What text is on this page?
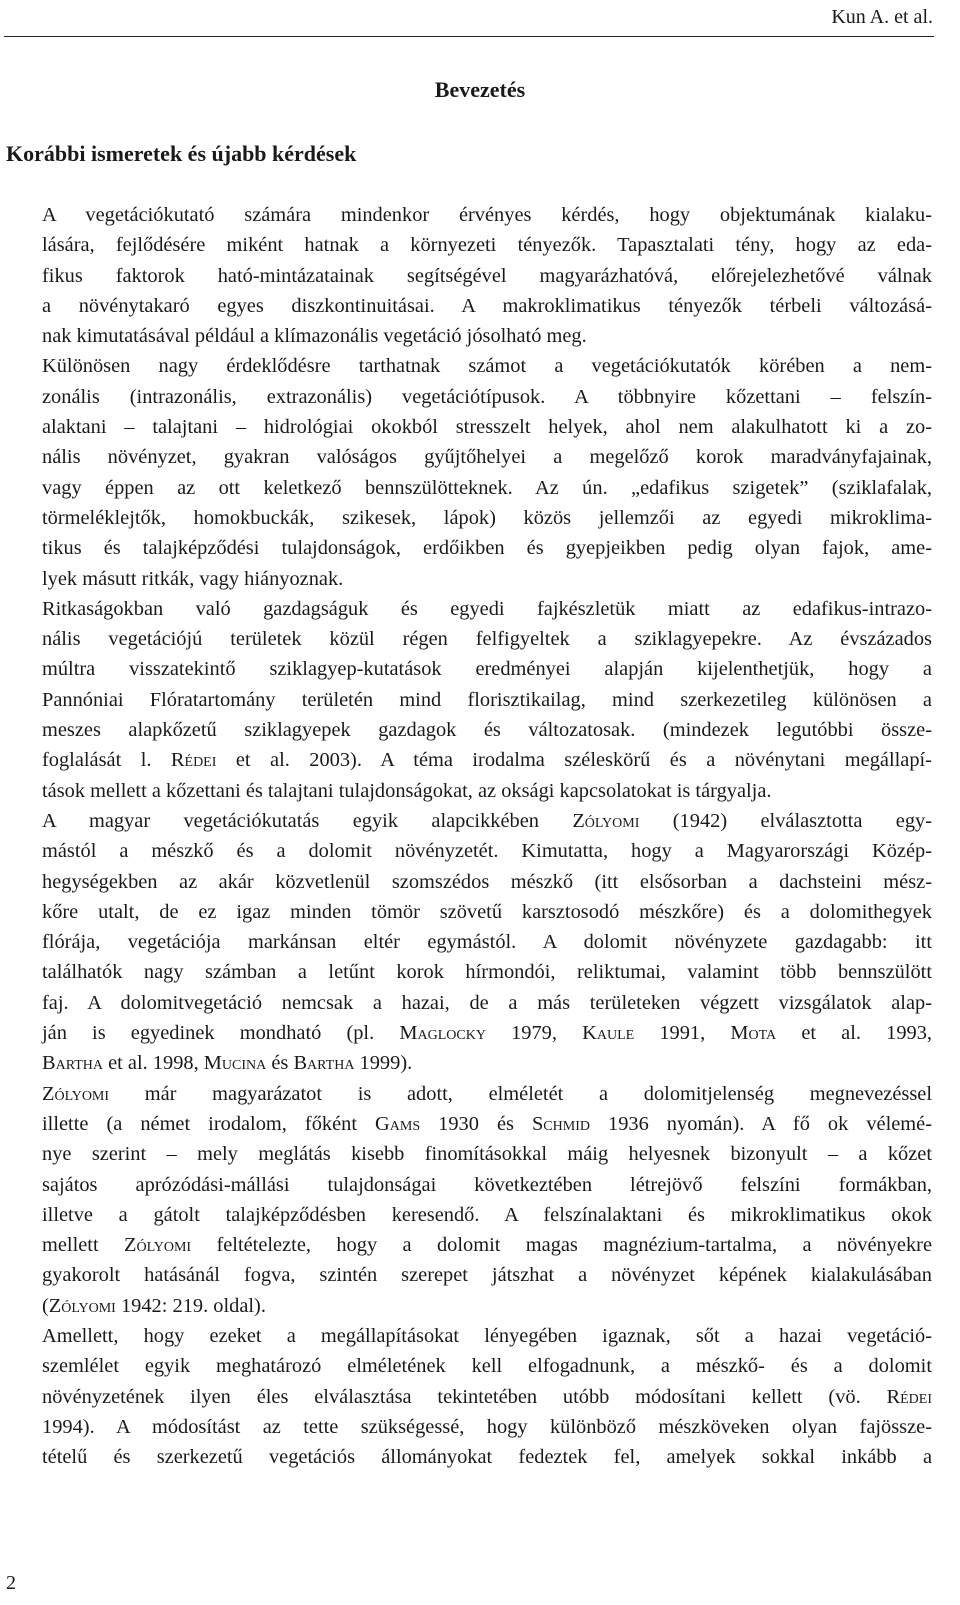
Kun A. et al.
Bevezetés
Korábbi ismeretek és újabb kérdések
A vegetációkutató számára mindenkor érvényes kérdés, hogy objektumának kialaku-
lására, fejlődésére miként hatnak a környezeti tényezők. Tapasztalati tény, hogy az eda-
fikus faktorok ható-mintázatainak segítségével magyarázhatóvá, előrejelezhetővé válnak
a növénytakaró egyes diszkontinuitásai. A makroklimatikus tényezők térbeli változásá-
nak kimutatásával például a klímazonális vegetáció jósolható meg.
Különösen nagy érdeklődésre tarthatnak számot a vegetációkutatók körében a nem-
zonális (intrazonális, extrazonális) vegetációtípusok. A többnyire kőzettani – felszín-
alaktani – talajtani – hidrológiai okokból stresszelt helyek, ahol nem alakulhatott ki a zo-
nális növényzet, gyakran valóságos gyűjtőhelyei a megelőző korok maradványfajainak,
vagy éppen az ott keletkező bennszülötteknek. Az ún. „edafikus szigetek” (sziklafalak,
törmeléklejtők, homokbuckák, szikesek, lápok) közös jellemzői az egyedi mikroklima-
tikus és talajképződési tulajdonságok, erdőikben és gyepjeikben pedig olyan fajok, ame-
lyek másutt ritkák, vagy hiányoznak.
Ritkaságokban való gazdagságuk és egyedi fajkészletük miatt az edafikus-intrazo-
nális vegetációjú területek közül régen felfigyeltek a sziklagyepekre. Az évszázados
múltra visszatekintő sziklagyep-kutatások eredményei alapján kijelenthetjük, hogy a
Pannóniai Flóratartomány területén mind florisztikailag, mind szerkezetileg különösen a
meszes alapkőzetű sziklagyepek gazdagok és változatosak. (mindezek legutóbbi össze-
foglalását l. Rédei et al. 2003). A téma irodalma széleskörű és a növénytani megállapí-
tások mellett a kőzettani és talajtani tulajdonságokat, az oksági kapcsolatokat is tárgyalja.
A magyar vegetációkutatás egyik alapcikkében Zólyomi (1942) elválasztotta egy-
mástól a mészkő és a dolomit növényzetét. Kimutatta, hogy a Magyarországi Közép-
hegységekben az akár közvetlenül szomszédos mészkő (itt elsősorban a dachsteini mész-
kőre utalt, de ez igaz minden tömör szövetű karsztosodó mészkőre) és a dolomithegyek
flórája, vegetációja markánsan eltér egymástól. A dolomit növényzete gazdagabb: itt
találhatók nagy számban a letűnt korok hírmondói, reliktumai, valamint több bennszülött
faj. A dolomitvegetáció nemcsak a hazai, de a más területeken végzett vizsgálatok alap-
ján is egyedinek mondható (pl. Maglocky 1979, Kaule 1991, Mota et al. 1993,
Bartha et al. 1998, Mucina és Bartha 1999).
Zólyomi már magyarázatot is adott, elméletét a dolomitjelenség megnevezéssel
illette (a német irodalom, főként Gams 1930 és Schmid 1936 nyomán). A fő ok vélemé-
nye szerint – mely meglátás kisebb finomításokkal máig helyesnek bizonyult – a kőzet
sajátos aprózódási-mállási tulajdonságai következtében létrejövő felszíni formákban,
illetve a gátolt talajképződésben keresendő. A felszínalaktani és mikroklimatikus okok
mellett Zólyomi feltételezte, hogy a dolomit magas magnézium-tartalma, a növényekre
gyakorolt hatásánál fogva, szintén szerepet játszhat a növényzet képének kialakulásában
(Zólyomi 1942: 219. oldal).
Amellett, hogy ezeket a megállapításokat lényegében igaznak, sőt a hazai vegetáció-
szemlélet egyik meghatározó elméletének kell elfogadnunk, a mészkő- és a dolomit
növényzetének ilyen éles elválasztása tekintetében utóbb módosítani kellett (vö. Rédei
1994). A módosítást az tette szükségessé, hogy különböző mészköveken olyan fajössze-
tételű és szerkezetű vegetációs állományokat fedeztek fel, amelyek sokkal inkább a
2
